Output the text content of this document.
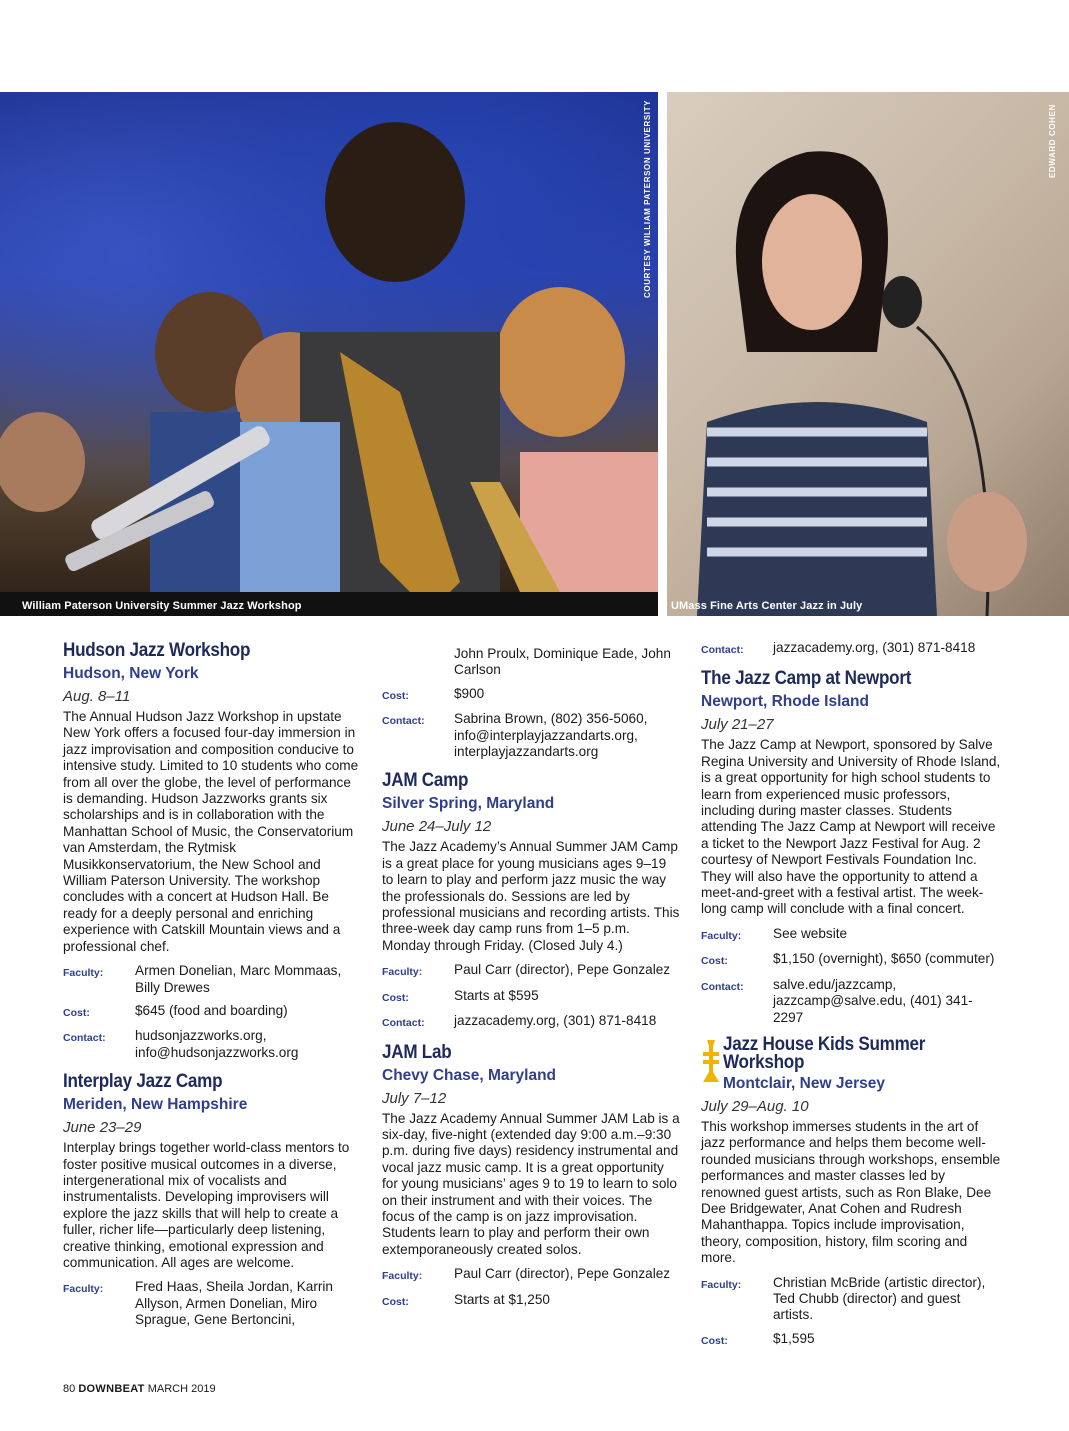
William Paterson University Summer Jazz Workshop
COURTESY WILLIAM PATERSON UNIVERSITY
UMass Fine Arts Center Jazz in July
EDWARD COHEN
Hudson Jazz Workshop
Hudson, New York
Aug. 8–11

The Annual Hudson Jazz Workshop in upstate New York offers a focused four-day immersion in jazz improvisation and composition conducive to intensive study. Limited to 10 students who come from all over the globe, the level of performance is demanding. Hudson Jazzworks grants six scholarships and is in collaboration with the Manhattan School of Music, the Conservatorium van Amsterdam, the Rytmisk Musikkonservatorium, the New School and William Paterson University. The workshop concludes with a concert at Hudson Hall. Be ready for a deeply personal and enriching experience with Catskill Mountain views and a professional chef.

Faculty:	Armen Donelian, Marc Mommaas, Billy Drewes
Cost:	$645 (food and boarding)
Contact:	hudsonjazzworks.org, info@hudsonjazzworks.org
Interplay Jazz Camp
Meriden, New Hampshire
June 23–29

Interplay brings together world-class mentors to foster positive musical outcomes in a diverse, intergenerational mix of vocalists and instrumentalists. Developing improvisers will explore the jazz skills that will help to create a fuller, richer life—particularly deep listening, creative thinking, emotional expression and communication. All ages are welcome.

Faculty:	Fred Haas, Sheila Jordan, Karrin Allyson, Armen Donelian, Miro Sprague, Gene Bertoncini,
John Proulx, Dominique Eade, John Carlson
Cost:	$900
Contact:	Sabrina Brown, (802) 356-5060, info@interplayjazzandarts.org, interplayjazzandarts.org
JAM Camp
Silver Spring, Maryland
June 24–July 12

The Jazz Academy’s Annual Summer JAM Camp is a great place for young musicians ages 9–19 to learn to play and perform jazz music the way the professionals do. Sessions are led by professional musicians and recording artists. This three-week day camp runs from 1–5 p.m. Monday through Friday. (Closed July 4.)

Faculty:	Paul Carr (director), Pepe Gonzalez
Cost:	Starts at $595
Contact:	jazzacademy.org, (301) 871-8418
JAM Lab
Chevy Chase, Maryland
July 7–12

The Jazz Academy Annual Summer JAM Lab is a six-day, five-night (extended day 9:00 a.m.–9:30 p.m. during five days) residency instrumental and vocal jazz music camp. It is a great opportunity for young musicians’ ages 9 to 19 to learn to solo on their instrument and with their voices. The focus of the camp is on jazz improvisation. Students learn to play and perform their own extemporaneously created solos.

Faculty:	Paul Carr (director), Pepe Gonzalez
Cost:	Starts at $1,250
Contact:	jazzacademy.org, (301) 871-8418
The Jazz Camp at Newport
Newport, Rhode Island
July 21–27

The Jazz Camp at Newport, sponsored by Salve Regina University and University of Rhode Island, is a great opportunity for high school students to learn from experienced music professors, including during master classes. Students attending The Jazz Camp at Newport will receive a ticket to the Newport Jazz Festival for Aug. 2 courtesy of Newport Festivals Foundation Inc. They will also have the opportunity to attend a meet-and-greet with a festival artist. The week-long camp will conclude with a final concert.

Faculty:	See website
Cost:	$1,150 (overnight), $650 (commuter)
Contact:	salve.edu/jazzcamp, jazzcamp@salve.edu, (401) 341-2297
Jazz House Kids Summer Workshop
Montclair, New Jersey
July 29–Aug. 10

This workshop immerses students in the art of jazz performance and helps them become well-rounded musicians through workshops, ensemble performances and master classes led by renowned guest artists, such as Ron Blake, Dee Dee Bridgewater, Anat Cohen and Rudresh Mahanthappa. Topics include improvisation, theory, composition, history, film scoring and more.

Faculty:	Christian McBride (artistic director), Ted Chubb (director) and guest artists.
Cost:	$1,595
80 DOWNBEAT MARCH 2019
